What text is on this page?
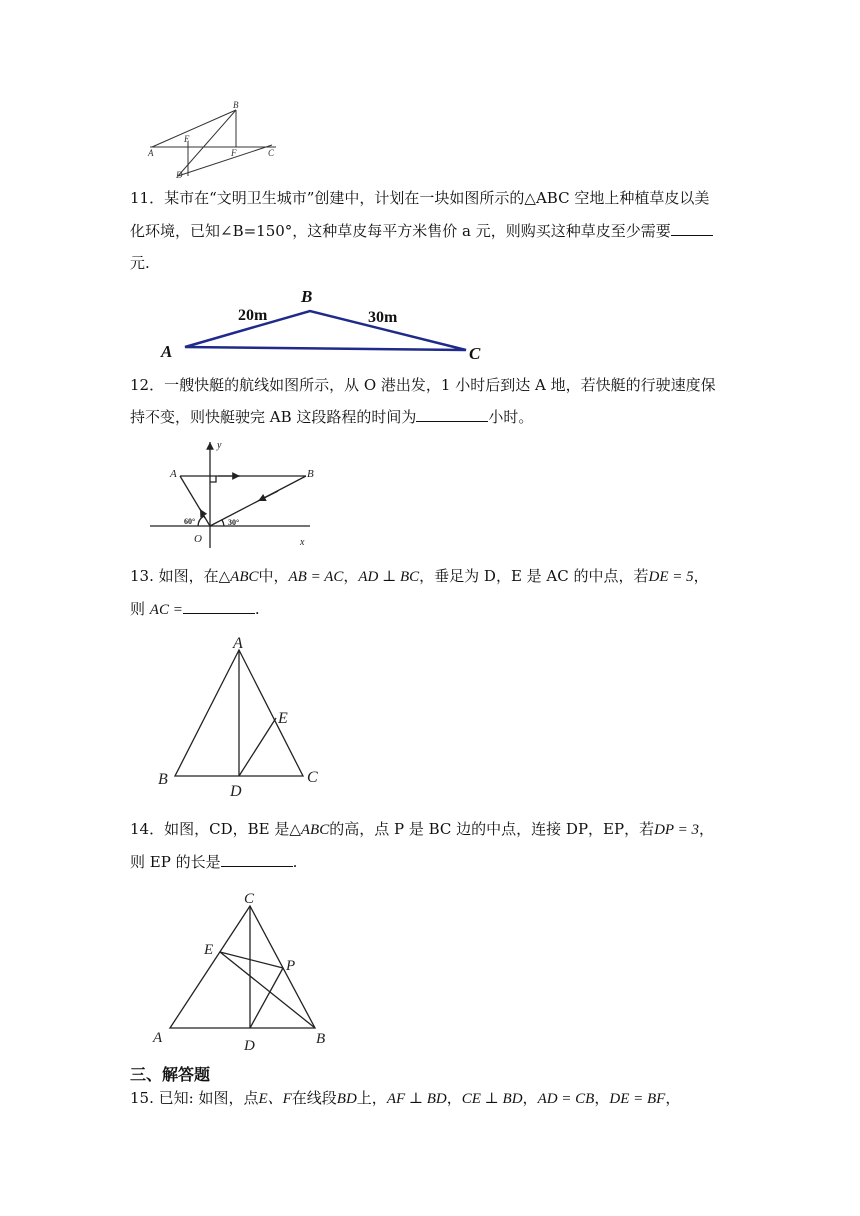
B
A
E
F	C
D
11．某市在“文明卫生城市”创建中，计划在一块如图所示的△ABC 空地上种植草皮以美
化环境，已知∠B=150°，这种草皮每平方米售价 a 元，则购买这种草皮至少需要
元.
B
A	C
20m	30m
12．一艘快艇的航线如图所示，从 O 港出发，1 小时后到达 A 地，若快艇的行驶速度保
持不变，则快艇驶完 AB 这段路程的时间为	小时。
A	B
O	x
y
60°	30°
13. 如图，在△ABC中，AB = AC，AD ⊥ BC，垂足为 D，E 是 AC 的中点，若DE = 5，
则 AC =	.
A
B	C
D
E
14．如图，CD，BE 是△ABC的高，点 P 是 BC 边的中点，连接 DP，EP，若DP = 3，
则 EP 的长是	.
C
E
P
A	D	B
三、解答题
15. 已知: 如图，点E、F在线段BD上，AF ⊥ BD，CE ⊥ BD，AD = CB，DE = BF，
